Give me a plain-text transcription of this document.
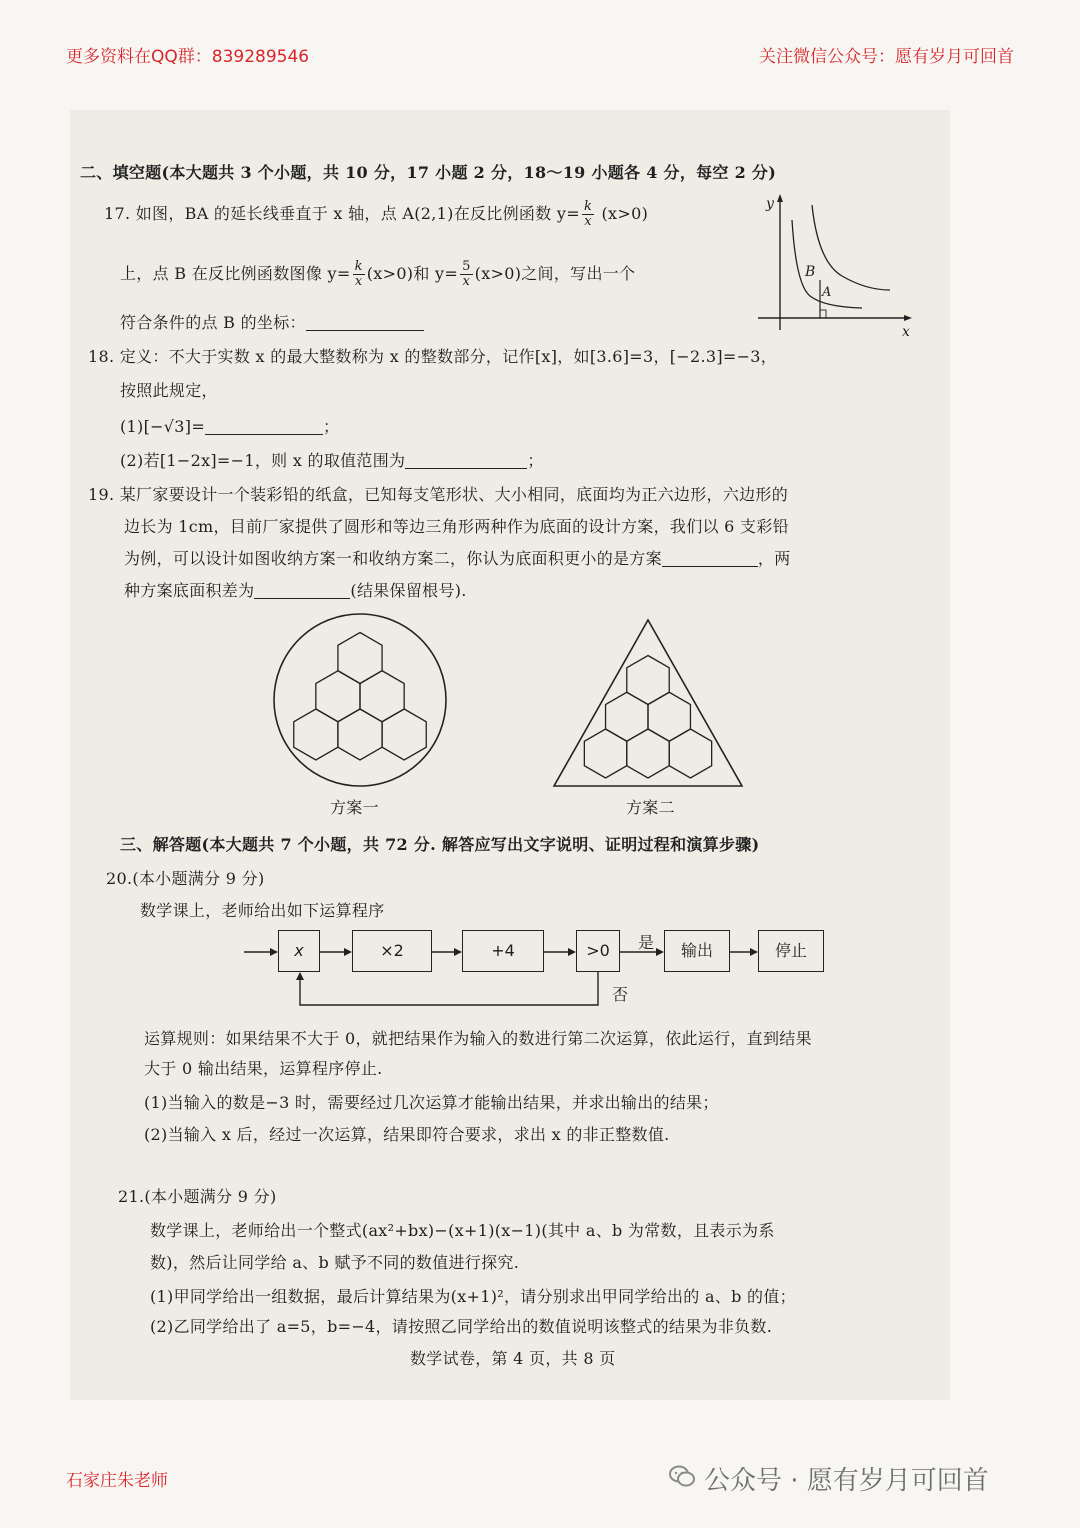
更多资料在QQ群：839289546	关注微信公众号：愿有岁月可回首
二、填空题(本大题共 3 个小题，共 10 分，17 小题 2 分，18～19 小题各 4 分，每空 2 分)
17. 如图，BA 的延长线垂直于 x 轴，点 A(2,1)在反比例函数 $y= \frac{k}{x} (x>0)$
上，点 B 在反比例函数图像 $y= \frac{k}{x} (x>0)$和 $y= \frac{5}{x} (x>0)$之间，写出一个
符合条件的点 B 的坐标：
B
A
y
x
18. 定义：不大于实数 x 的最大整数称为 x 的整数部分，记作[x]，如[3.6]=3，[−2.3]=−3，
按照此规定，
(1)[−√3]=	；
(2)若[1−2x]=−1，则 x 的取值范围为	；
19. 某厂家要设计一个装彩铅的纸盒，已知每支笔形状、大小相同，底面均为正六边形，六边形的
边长为 1cm，目前厂家提供了圆形和等边三角形两种作为底面的设计方案，我们以 6 支彩铅
为例，可以设计如图收纳方案一和收纳方案二，你认为底面积更小的是方案	，两
种方案底面积差为	(结果保留根号).
方案一	方案二
三、解答题(本大题共 7 个小题，共 72 分. 解答应写出文字说明、证明过程和演算步骤)
20.(本小题满分 9 分)
数学课上，老师给出如下运算程序
x	×2	+4	>0	是
否
输出	停止
运算规则：如果结果不大于 0，就把结果作为输入的数进行第二次运算，依此运行，直到结果
大于 0 输出结果，运算程序停止.
(1)当输入的数是−3 时，需要经过几次运算才能输出结果，并求出输出的结果；
(2)当输入 x 后，经过一次运算，结果即符合要求，求出 x 的非正整数值.
21.(本小题满分 9 分)
数学课上，老师给出一个整式(ax²+bx)−(x+1)(x−1)(其中 a、b 为常数，且表示为系
数)，然后让同学给 a、b 赋予不同的数值进行探究.
(1)甲同学给出一组数据，最后计算结果为(x+1)²，请分别求出甲同学给出的 a、b 的值；
(2)乙同学给出了 a=5，b=−4，请按照乙同学给出的数值说明该整式的结果为非负数.
数学试卷，第 4 页，共 8 页
石家庄朱老师	公众号 · 愿有岁月可回首
